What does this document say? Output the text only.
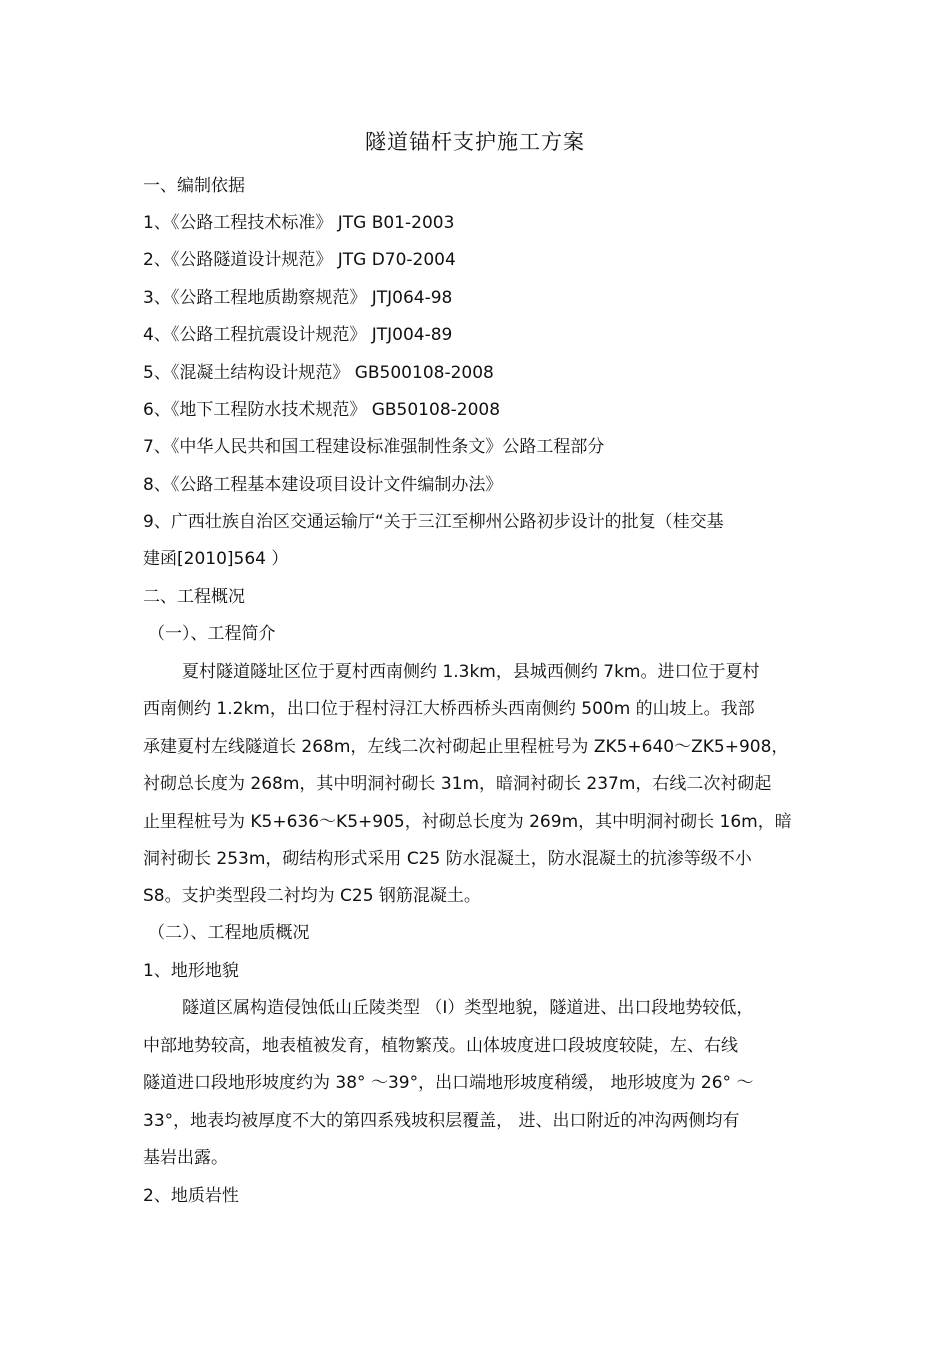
隧道锚杆支护施工方案
一、编制依据
1、《公路工程技术标准》 JTG B01-2003
2、《公路隧道设计规范》 JTG D70-2004
3、《公路工程地质勘察规范》 JTJ064-98
4、《公路工程抗震设计规范》 JTJ004-89
5、《混凝土结构设计规范》 GB500108-2008
6、《地下工程防水技术规范》 GB50108-2008
7、《中华人民共和国工程建设标准强制性条文》公路工程部分
8、《公路工程基本建设项目设计文件编制办法》
9、广西壮族自治区交通运输厅“关于三江至柳州公路初步设计的批复（桂交基
建函[2010]564 ）
二、工程概况
（一）、工程简介
夏村隧道隧址区位于夏村西南侧约 1.3km，县城西侧约 7km。进口位于夏村
西南侧约 1.2km，出口位于程村浔江大桥西桥头西南侧约 500m 的山坡上。我部
承建夏村左线隧道长 268m，左线二次衬砌起止里程桩号为 ZK5+640～ZK5+908，
衬砌总长度为 268m，其中明洞衬砌长 31m，暗洞衬砌长 237m，右线二次衬砌起
止里程桩号为 K5+636～K5+905，衬砌总长度为 269m，其中明洞衬砌长 16m，暗
洞衬砌长 253m，砌结构形式采用 C25 防水混凝土，防水混凝土的抗渗等级不小
S8。支护类型段二衬均为 C25 钢筋混凝土。
（二）、工程地质概况
1、地形地貌
隧道区属构造侵蚀低山丘陵类型 （Ⅰ）类型地貌，隧道进、出口段地势较低，
中部地势较高，地表植被发育，植物繁茂。山体坡度进口段坡度较陡，左、右线
隧道进口段地形坡度约为 38° ～39°，出口端地形坡度稍缓， 地形坡度为 26° ～
33°，地表均被厚度不大的第四系残坡积层覆盖， 进、出口附近的冲沟两侧均有
基岩出露。
2、地质岩性
